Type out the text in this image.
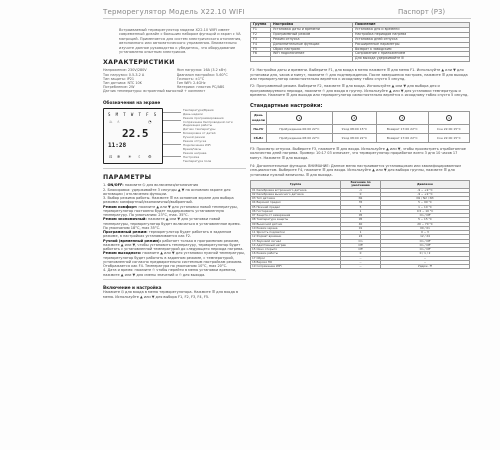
Терморегулятор Модель X22.10 WIFI	Паспорт (Р3)
Встраиваемый терморегулятор модели X22.10 WIFI имеет современный дизайн с большим набором функций и экран с VA матрицей. Применяется для систем электрического отопления, автономного или автоматического управления. Внимательно изучите данное руководство к убедитесь, что оборудование установлено опытным электриком.
ХАРАКТЕРИСТИКИ
Напряжение: 230V/280V	Мин нагрузка: 16A (3.2 кВт)
Ток нагрузки: 0.5-3.2 A	Диапазон настройки: 5-60°C
Тип защиты: IP21	Точность: ±1°C
Тип датчика: NTC 10K	Тип WiFi: 2.4GHz
Потребление: 2W	Материал: пластик PC/ABS
Датчик температуры: встроенный выносной + комплект
Обозначения на экране
S M T W T F S
♨ ☝	◔
22.5
11:28
⊡ ❄ ☀ ☾ ⚙
Температура/Время
День недели
Режим программирования
Сопряжение беспроводной сети
Индикация работы
Датчик температуры
Блокировка от детей
Ручной режим
Режим отпуска
Подключение WiFi
Время/Часы
Режим нагрева
Настройка
Температура пола
ПАРАМЕТРЫ
1. ON/OFF: нажмите ⏻ для включения/отключения
2. Блокировка: удерживайте 3 секунды ▲ ▼ на основном экране для активации / отключения функции.
3. Выбор режима работы. Нажмите ☰ на основном экране для выбора режима: комфортный/экономичный/выбранный.
Режим комфорт: нажмите ▲ или ▼ для установки новой температуры, терморегулятор постоянно будет поддерживать установленную температуру. По умолчанию: 23°C, max. 35°C.
Режим экономичный: нажмите ▲ или ▼ для установки новой температуры, терморегулятор будет включаться в установленное время. По умолчанию 18°C, max 35°C.
Программный режим: терморегулятор будет работать в заданном режиме, в настройках устанавливается как F2.
Ручной (временный режим): работает только в программном режиме, нажмите ▲ или ▼, чтобы установить температуру, терморегулятор будет работать с установленной температурой до следующего периода нагрева.
Режим выходного: нажмите ▲ или ▼ для установки нужной температуры, терморегулятор будет работать в заданном режиме, с температурой, установленной согласно предварительно системным настройкам режима. Отображается как F4. Температура по умолчанию 10°C, max 20°C.
4. Дата и время: нажмите ⏲ чтобы перейти в меню установки времени, нажмите ▲ или ▼ для смены значений и ⏲ для выхода.
Включение и настройка
Нажмите ⏻ для входа в меню терморегулятора. Нажмите ☰ для входа в меню. Используйте ▲ или ▼ для выбора F1, F2, F3, F4, F5.
Группа	Настройка	Пояснение
F1	Установка даты и времени	Установка дня и времени
F2	Программный режим	Настройка периодов нагрева
F3	Режим отпуска	Установка дней отпуска
F4	Дополнительные функции	Расширенные параметры
F5	Сброс настроек	Возврат к заводским
F6	WiFi подключение	Сопряжение с приложением
		Для выхода удерживайте ☰
F1: Настройка даты и времени. Выберите F1, для входа в меню нажмите ☰ для меню F1. Используйте ▲ или ▼ для установки дня, часов и минут, нажмите ⏲ для подтверждения. После завершения настроек, нажмите ☰ для выхода или терморегулятор самостоятельно вернётся к исходному табло спустя 5 секунд.
F2: Программный режим. Выберите F2, нажмите ☰ для входа. Используйте ▲ или ▼ для выбора дня и программируемого периода, нажмите ⏲ для входа в группу. Используйте ▲ или ▼ для установки температуры и времени. Нажмите ☰ для выхода или терморегулятор самостоятельно вернётся к исходному табло спустя 5 секунд.
Стандартные настройки:
День недели	1	2	3	4
Пн-Пт	Пробуждение 06:00 22°C	Уход 08:00 15°C	Возврат 17:00 22°C	Сон 22:00 15°C
Сб-Вс	Пробуждение 08:00 22°C	Уход 08:00 22°C	Возврат 17:00 22°C	Сон 22:00 15°C
F3: Просмотр отпуска. Выберите F3, нажмите ☰ для входа. Используйте ▲ или ▼, чтобы просмотреть отработанное количество дней нагрева. Пример: 10:17 03 означает, что терморегулятор проработал всего 3 дня 10 часов 17 минут. Нажмите ☰ для выхода.
F4: Дополнительные функции. ВНИМАНИЕ: Данное меню настраивается установщиком или квалифицированным специалистом. Выберите F4, нажмите ☰ для входа. Используйте ▲ или ▼ для выбора группы, нажмите ☰ для установки нужной величины. ☰ для выхода.
Группа	Значение по умолчанию	Диапазон
01 Калибровка встроенного датчика	-1	-9 ~ +9 °C
02 Калибровка выносного датчика	0	-9 ~ +9 °C
03 Тип датчика	N1	N1 / N2 / N3
04 Верхний предел	35	5 ~ 99 °C
05 Нижний предел	5	1 ~ 10 °C
06 Гистерезис	1	0.5 ~ 10 °C
07 Защита от замерзания	05	On / Off
08 Температура защиты	05	5 ~ 15 °C
09 Выносной датчик	40	20 ~ 70 °C
10 Режим экрана	01	00 / 01
11 Яркость подсветки	1	0 ~ 3
12 Формат времени	24	12 / 24
13 Звуковой сигнал	On	On / Off
14 Адаптивный нагрев	Off	On / Off
15 Окно открыто	Off	On / Off
16 Режим работы	0	0 / 1 / 2
17 Сброс	--	--
18 Версия ПО	--	--
19 Сопряжение WiFi	--	Удерж. ☰
